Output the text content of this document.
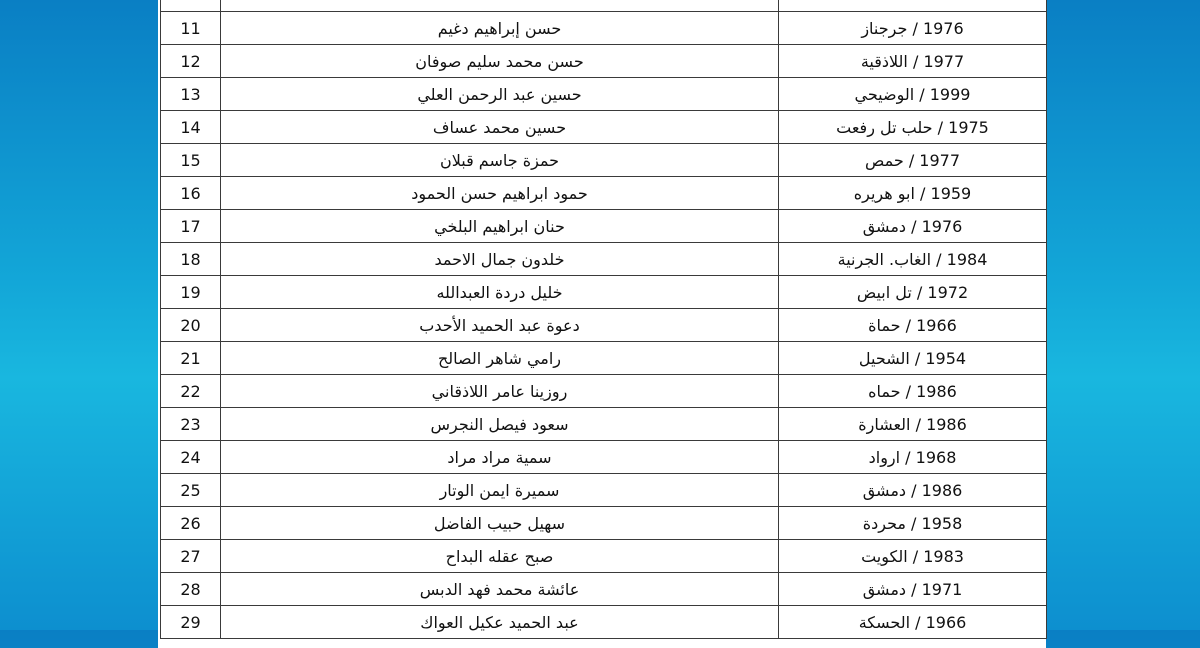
11	حسن إبراهيم دغيم	1976 / جرجناز
12	حسن محمد سليم صوفان	1977 / اللاذقية
13	حسين عبد الرحمن العلي	1999 / الوضيحي
14	حسين محمد عساف	1975 / حلب تل رفعت
15	حمزة جاسم قبلان	1977 / حمص
16	حمود ابراهيم حسن الحمود	1959 / ابو هريره
17	حنان ابراهيم البلخي	1976 / دمشق
18	خلدون جمال الاحمد	1984 / الغاب. الجرنية
19	خليل دردة العبدالله	1972 / تل ابيض
20	دعوة عبد الحميد الأحدب	1966 / حماة
21	رامي شاهر الصالح	1954 / الشحيل
22	روزينا عامر اللاذقاني	1986 / حماه
23	سعود فيصل النجرس	1986 / العشارة
24	سمية مراد مراد	1968 / ارواد
25	سميرة ايمن الوتار	1986 / دمشق
26	سهيل حبيب الفاضل	1958 / محردة
27	صبح عقله البداح	1983 / الكويت
28	عائشة محمد فهد الدبس	1971 / دمشق
29	عبد الحميد عكيل العواك	1966 / الحسكة
